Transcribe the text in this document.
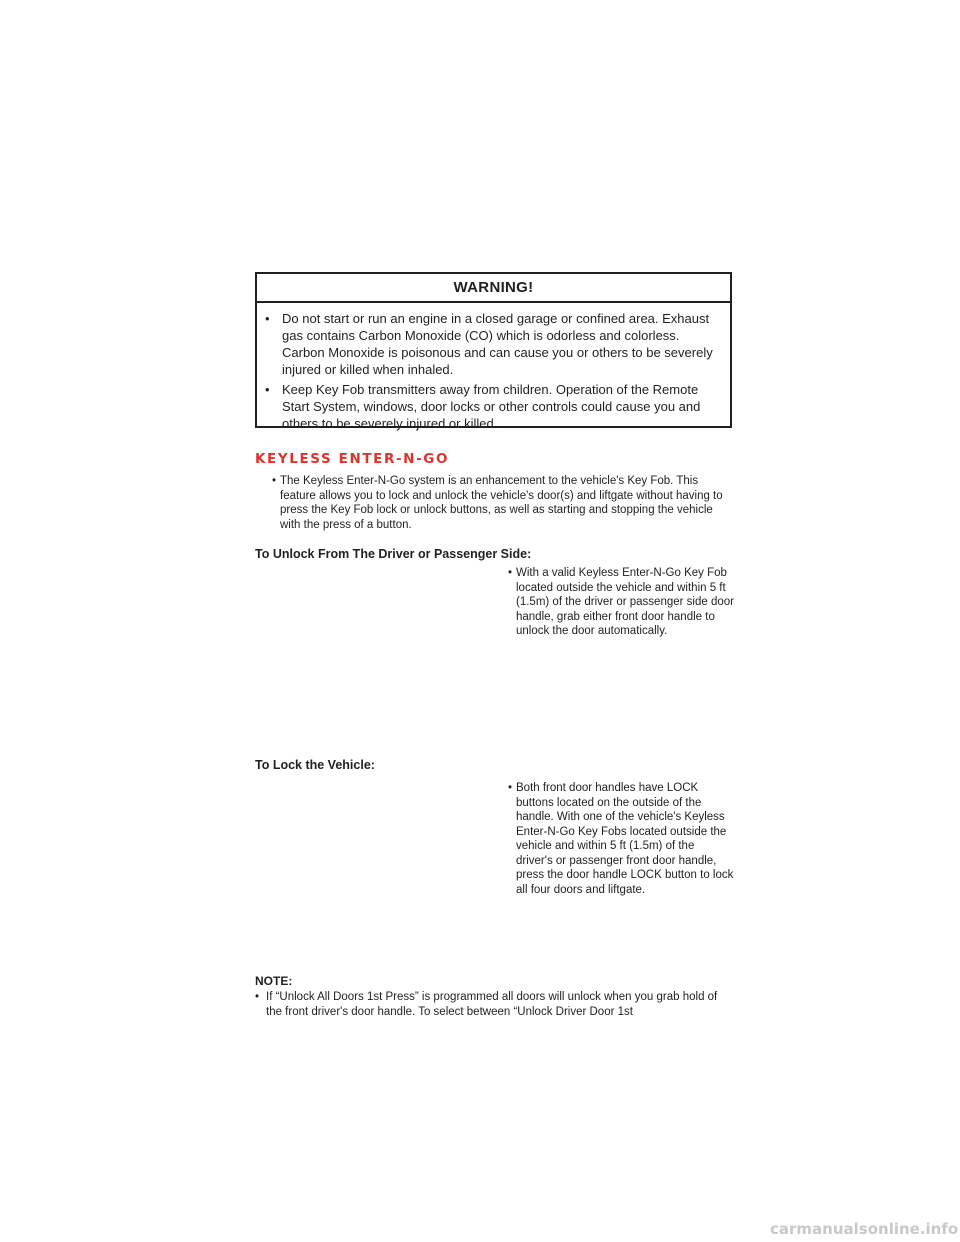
WARNING!
• Do not start or run an engine in a closed garage or confined area. Exhaust gas contains Carbon Monoxide (CO) which is odorless and colorless. Carbon Monoxide is poisonous and can cause you or others to be severely injured or killed when inhaled.
• Keep Key Fob transmitters away from children. Operation of the Remote Start System, windows, door locks or other controls could cause you and others to be severely injured or killed.
KEYLESS ENTER-N-GO
• The Keyless Enter-N-Go system is an enhancement to the vehicle's Key Fob. This feature allows you to lock and unlock the vehicle's door(s) and liftgate without having to press the Key Fob lock or unlock buttons, as well as starting and stopping the vehicle with the press of a button.
To Unlock From The Driver or Passenger Side:
• With a valid Keyless Enter-N-Go Key Fob located outside the vehicle and within 5 ft (1.5m) of the driver or passenger side door handle, grab either front door handle to unlock the door automatically.
To Lock the Vehicle:
• Both front door handles have LOCK buttons located on the outside of the handle. With one of the vehicle's Keyless Enter-N-Go Key Fobs located outside the vehicle and within 5 ft (1.5m) of the driver's or passenger front door handle, press the door handle LOCK button to lock all four doors and liftgate.
NOTE:
• If “Unlock All Doors 1st Press” is programmed all doors will unlock when you grab hold of the front driver's door handle. To select between “Unlock Driver Door 1st
carmanualsonline.info
